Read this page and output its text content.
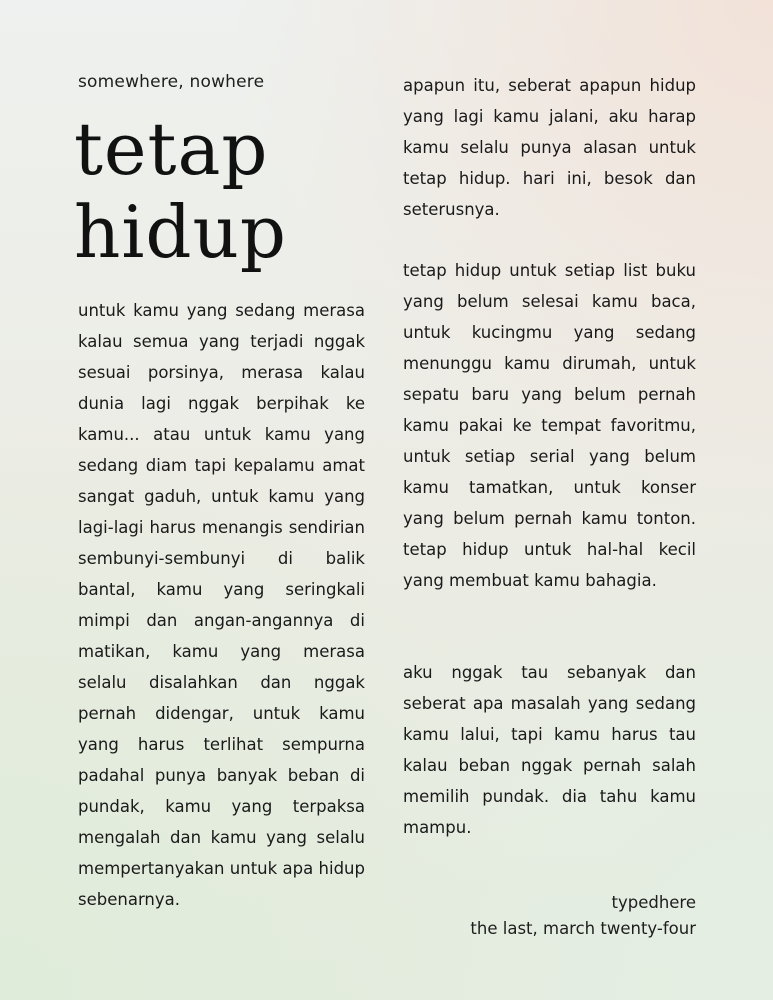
somewhere, nowhere
tetap
hidup

untuk kamu yang sedang merasa kalau semua yang terjadi nggak sesuai porsinya, merasa kalau dunia lagi nggak berpihak ke kamu... atau untuk kamu yang sedang diam tapi kepalamu amat sangat gaduh, untuk kamu yang lagi-lagi harus menangis sendirian sembunyi-sembunyi di balik bantal, kamu yang seringkali mimpi dan angan-angannya di matikan, kamu yang merasa selalu disalahkan dan nggak pernah didengar, untuk kamu yang harus terlihat sempurna padahal punya banyak beban di pundak, kamu yang terpaksa mengalah dan kamu yang selalu mempertanyakan untuk apa hidup sebenarnya.

apapun itu, seberat apapun hidup yang lagi kamu jalani, aku harap kamu selalu punya alasan untuk tetap hidup. hari ini, besok dan seterusnya.

tetap hidup untuk setiap list buku yang belum selesai kamu baca, untuk kucingmu yang sedang menunggu kamu dirumah, untuk sepatu baru yang belum pernah kamu pakai ke tempat favoritmu, untuk setiap serial yang belum kamu tamatkan, untuk konser yang belum pernah kamu tonton. tetap hidup untuk hal-hal kecil yang membuat kamu bahagia.

aku nggak tau sebanyak dan seberat apa masalah yang sedang kamu lalui, tapi kamu harus tau kalau beban nggak pernah salah memilih pundak. dia tahu kamu mampu.

typedhere
the last, march twenty-four
